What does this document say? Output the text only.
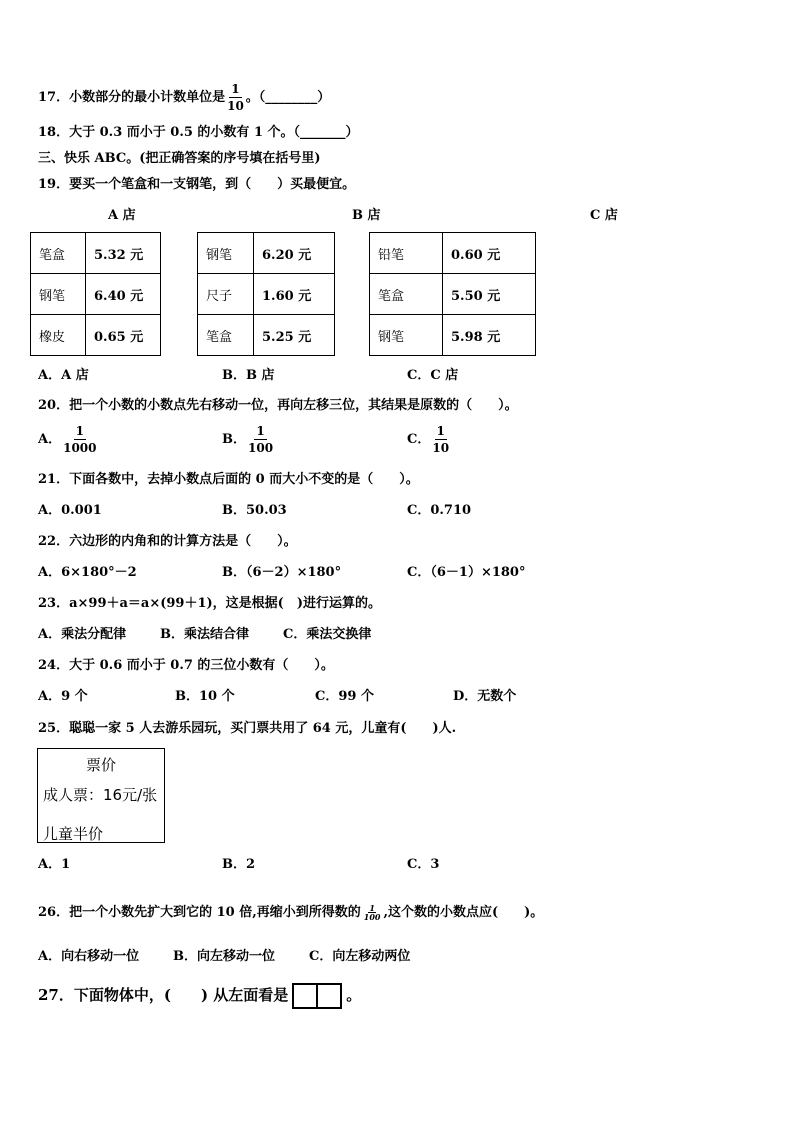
17．小数部分的最小计数单位是 $\frac{1}{10}$ 。（________）
18．大于 0.3 而小于 0.5 的小数有 1 个。（_______）
三、快乐 ABC。(把正确答案的序号填在括号里)
19．要买一个笔盒和一支钢笔，到（　　）买最便宜。
A 店	B 店	C 店
笔盒	5.32 元
钢笔	6.40 元
橡皮	0.65 元
钢笔	6.20 元
尺子	1.60 元
笔盒	5.25 元
铅笔	0.60 元
笔盒	5.50 元
钢笔	5.98 元
A．A 店	B．B 店	C．C 店
20．把一个小数的小数点先右移动一位，再向左移三位，其结果是原数的（　　）。
A． $\frac{1}{1000}$	B． $\frac{1}{100}$	C． $\frac{1}{10}$
21．下面各数中，去掉小数点后面的 0 而大小不变的是（　　）。
A．0.001	B．50.03	C．0.710
22．六边形的内角和的计算方法是（　　）。
A．6×180°－2	B．（6－2）×180°	C．（6－1）×180°
23．a×99＋a＝a×(99＋1)，这是根据(　)进行运算的。
A．乘法分配律	B．乘法结合律	C．乘法交换律
24．大于 0.6 而小于 0.7 的三位小数有（　　）。
A．9 个	B．10 个	C．99 个	D．无数个
25．聪聪一家 5 人去游乐园玩，买门票共用了 64 元，儿童有(　　)人.
票价
成人票：16元/张
儿童半价
A．1	B．2	C．3
26．把一个小数先扩大到它的 10 倍,再缩小到所得数的 $\frac{1}{100}$ ,这个数的小数点应(　　)。
A．向右移动一位	B．向左移动一位	C．向左移动两位
27．下面物体中，(　　) 从左面看是	。
